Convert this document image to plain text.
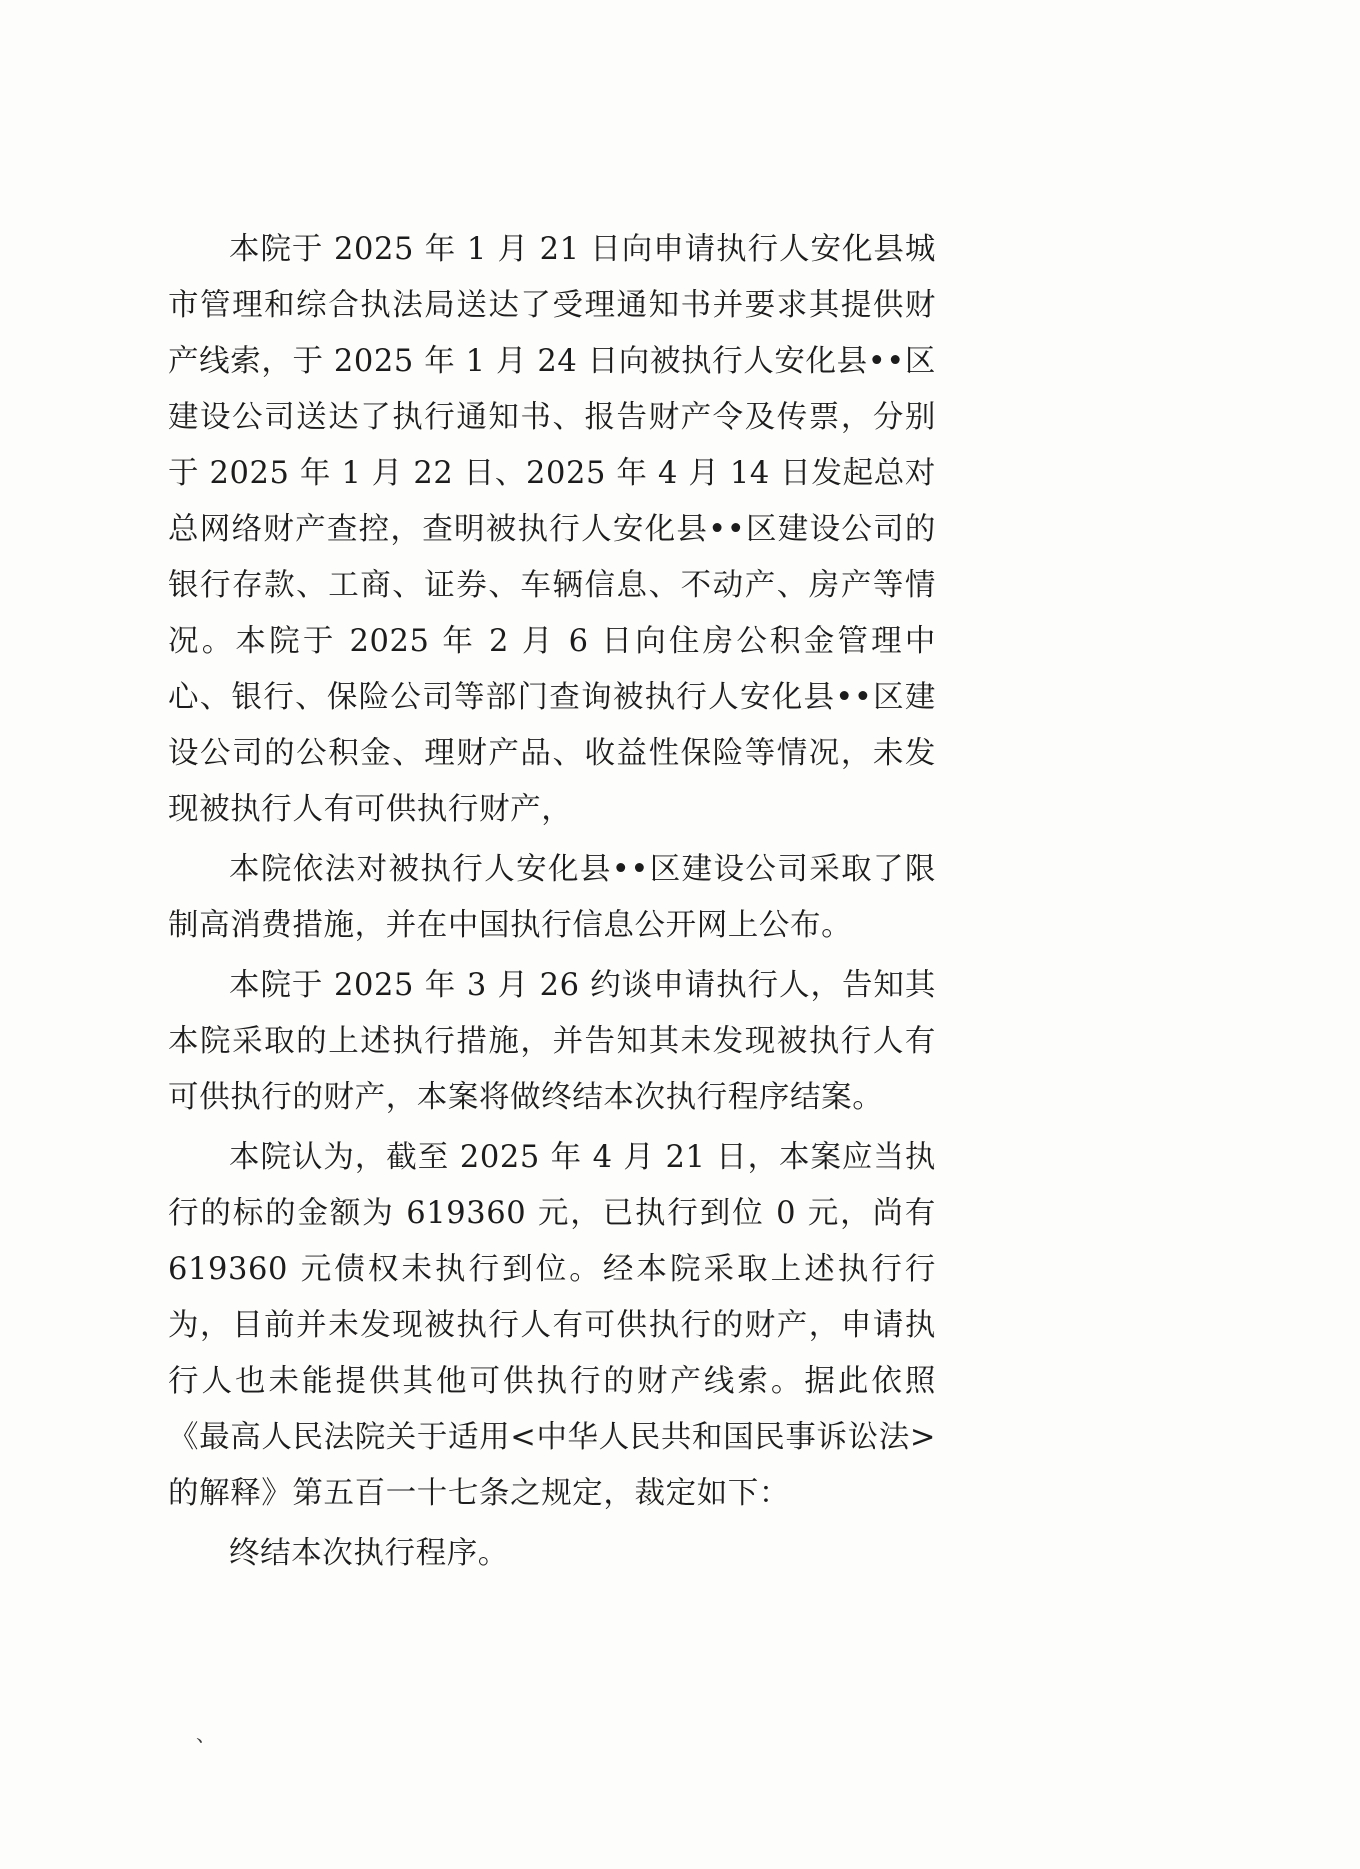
本院于 2025 年 1 月 21 日向申请执行人安化县城市管理和综合执法局送达了受理通知书并要求其提供财产线索，于 2025 年 1 月 24 日向被执行人安化县••区建设公司送达了执行通知书、报告财产令及传票，分别于 2025 年 1 月 22 日、2025 年 4 月 14 日发起总对总网络财产查控，查明被执行人安化县••区建设公司的银行存款、工商、证券、车辆信息、不动产、房产等情况。本院于 2025 年 2 月 6 日向住房公积金管理中心、银行、保险公司等部门查询被执行人安化县••区建设公司的公积金、理财产品、收益性保险等情况，未发现被执行人有可供执行财产，

本院依法对被执行人安化县••区建设公司采取了限制高消费措施，并在中国执行信息公开网上公布。

本院于 2025 年 3 月 26 约谈申请执行人，告知其本院采取的上述执行措施，并告知其未发现被执行人有可供执行的财产，本案将做终结本次执行程序结案。

本院认为，截至 2025 年 4 月 21 日，本案应当执行的标的金额为 619360 元，已执行到位 0 元，尚有 619360 元债权未执行到位。经本院采取上述执行行为，目前并未发现被执行人有可供执行的财产，申请执行人也未能提供其他可供执行的财产线索。据此依照《最高人民法院关于适用<中华人民共和国民事诉讼法>的解释》第五百一十七条之规定，裁定如下：

终结本次执行程序。

、
